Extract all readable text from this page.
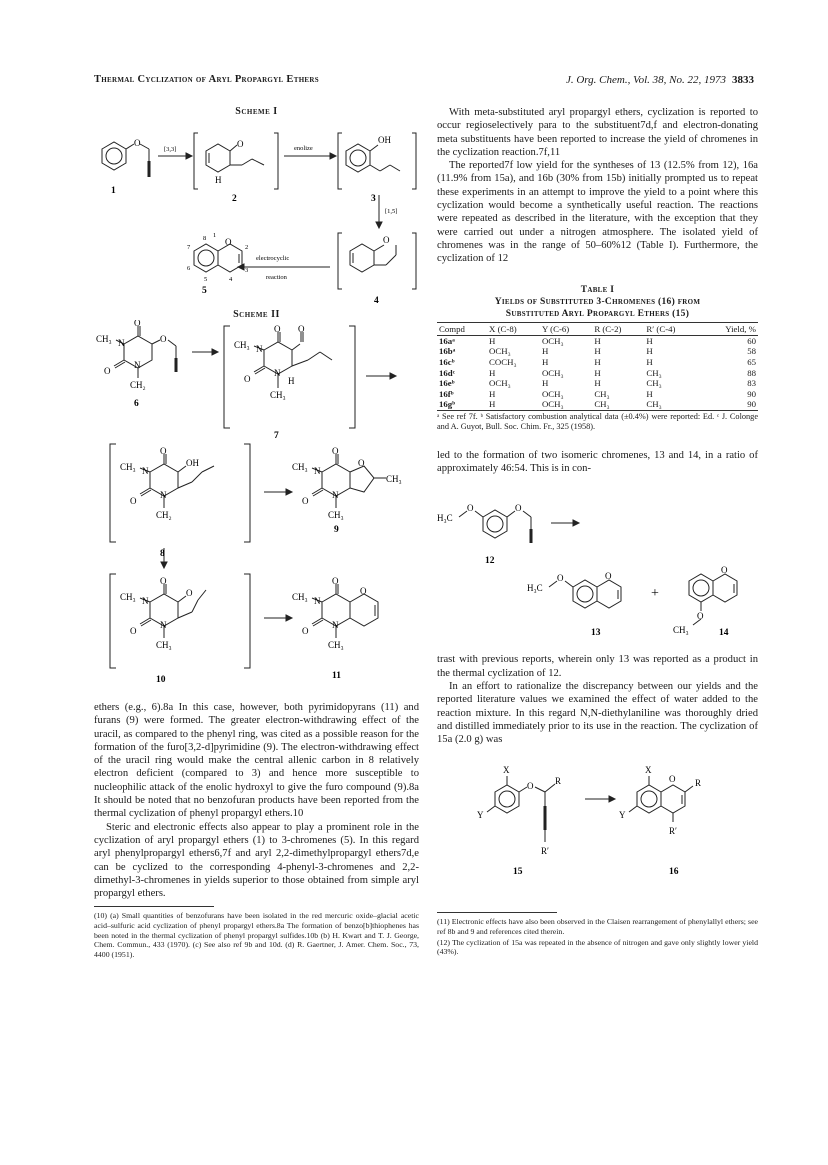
Thermal Cyclization of Aryl Propargyl Ethers	J. Org. Chem., Vol. 38, No. 22, 1973 3833
Scheme I
O
1
[3,3]
O
H
2
enolize
OH
3
[1,5]
O
4
electrocyclic
reaction
O
1
2
3
4
5
6
7
8
5
Scheme II
CH₃ N
O
O
O
N
CH₂
6
CH₃ N
O O
O
N
H
CH₃
7
CH₃ N
O
OH
O
N
CH₂
8
CH₃ N
O
O
CH₃
O
N
CH₃
9
CH₃ N
O
O
O
N
CH₃
10
CH₃ N
O
O
O
N
CH₃
11

ethers (e.g., 6).8a In this case, however, both pyrimidopyrans (11) and furans (9) were formed. The greater electron-withdrawing effect of the uracil, as compared to the phenyl ring, was cited as a possible reason for the formation of the furo[3,2-d]pyrimidine (9). The electron-withdrawing effect of the uracil ring would make the central allenic carbon in 8 relatively electron deficient (compared to 3) and hence more susceptible to nucleophilic attack of the enolic hydroxyl to give the furo compound (9).8a It should be noted that no benzofuran products have been reported from the thermal cyclization of phenyl propargyl ethers.10

Steric and electronic effects also appear to play a prominent role in the cyclization of aryl propargyl ethers (1) to 3-chromenes (5). In this regard aryl phenylpropargyl ethers6,7f and aryl 2,2-dimethylpropargyl ethers7d,e can be cyclized to the corresponding 4-phenyl-3-chromenes and 2,2-dimethyl-3-chromenes in yields superior to those obtained from simple aryl propargyl ethers.

(10) (a) Small quantities of benzofurans have been isolated in the red mercuric oxide–glacial acetic acid–sulfuric acid cyclization of phenyl propargyl ethers.8a The formation of benzo[b]thiophenes has been noted in the thermal cyclization of phenyl propargyl sulfides.10b (b) H. Kwart and T. J. George, Chem. Commun., 433 (1970). (c) See also ref 9b and 10d. (d) R. Gaertner, J. Amer. Chem. Soc., 73, 4400 (1951).

With meta-substituted aryl propargyl ethers, cyclization is reported to occur regioselectively para to the substituent7d,f and electron-donating meta substituents have been reported to increase the yield of chromenes in the cyclization reaction.7f,11

The reported7f low yield for the syntheses of 13 (12.5% from 12), 16a (11.9% from 15a), and 16b (30% from 15b) initially prompted us to repeat these experiments in an attempt to improve the yield to a point where this cyclization would become a synthetically useful reaction. The reactions were repeated as described in the literature, with the exception that they were carried out under a nitrogen atmosphere. The isolated yield of chromenes was in the range of 50–60%12 (Table I). Furthermore, the cyclization of 12

Table I
Yields of Substituted 3-Chromenes (16) from
Substituted Aryl Propargyl Ethers (15)
Compd	X (C-8)	Y (C-6)	R (C-2)	R′ (C-4)	Yield, %
16aᵃ	H	OCH₃	H	H	60
16bᵃ	OCH₃	H	H	H	58
16cᵇ	COCH₃	H	H	H	65
16dᶜ	H	OCH₃	H	CH₃	88
16eᵇ	OCH₃	H	H	CH₃	83
16fᵇ	H	OCH₃	CH₃	H	90
16gᵇ	H	OCH₃	CH₃	CH₃	90
ᵃ See ref 7f. ᵇ Satisfactory combustion analytical data (±0.4%) were reported: Ed. ᶜ J. Colonge and A. Guyot, Bull. Soc. Chim. Fr., 325 (1958).

led to the formation of two isomeric chromenes, 13 and 14, in a ratio of approximately 46:54. This is in con-

H₃C
O	O
12
H₃C
O	O
13
+
O
O
CH₃	14

trast with previous reports, wherein only 13 was reported as a product in the thermal cyclization of 12.

In an effort to rationalize the discrepancy between our yields and the reported literature values we examined the effect of water added to the reaction mixture. In this regard N,N-diethylaniline was thoroughly dried and distilled immediately prior to its use in the reaction. The cyclization of 15a (2.0 g) was

X
O R
Y
R′
15
X
O R
Y
R′
16

(11) Electronic effects have also been observed in the Claisen rearrangement of phenylallyl ethers; see ref 8b and 9 and references cited therein.

(12) The cyclization of 15a was repeated in the absence of nitrogen and gave only slightly lower yield (43%).
